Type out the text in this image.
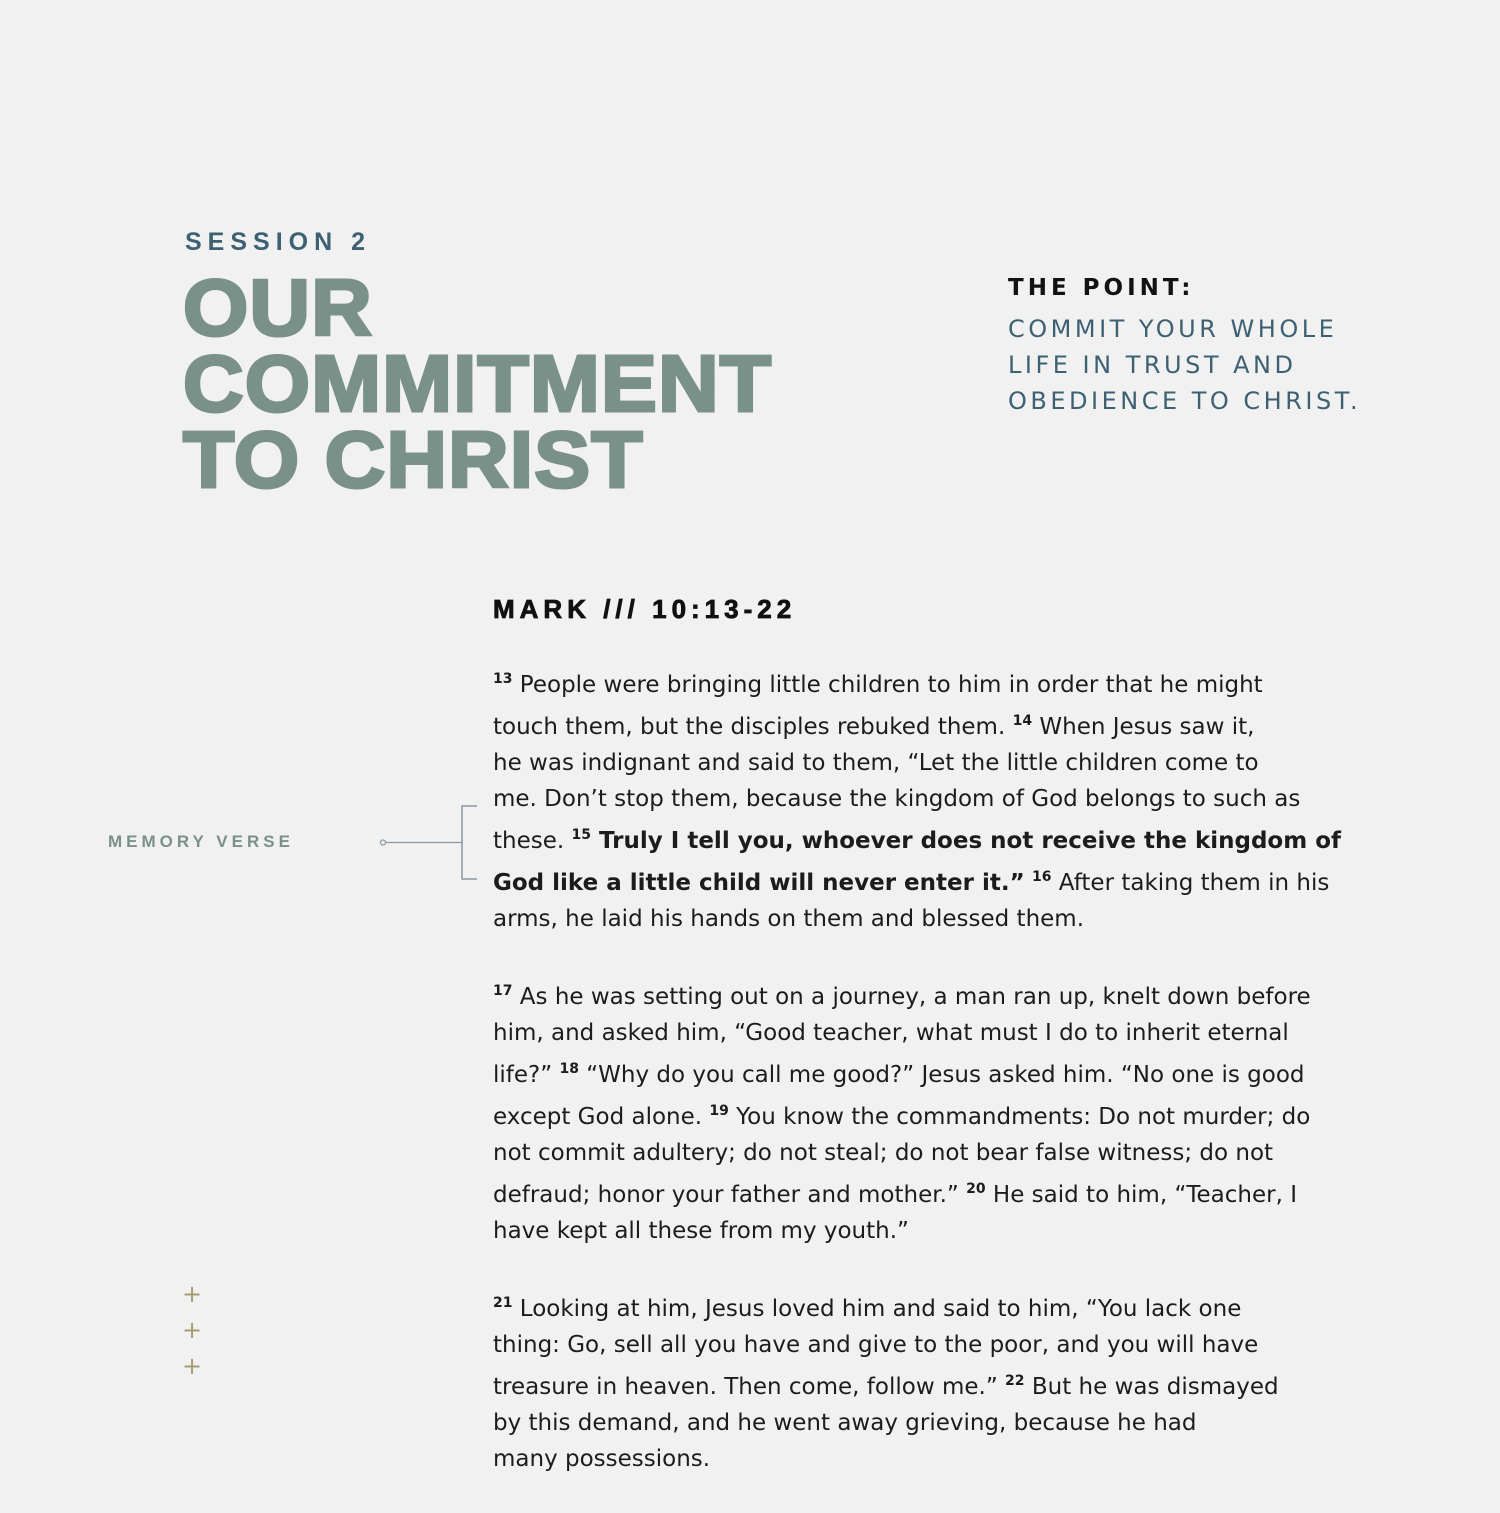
SESSION 2
OUR
COMMITMENT
TO CHRIST
THE POINT:
COMMIT YOUR WHOLE
LIFE IN TRUST AND
OBEDIENCE TO CHRIST.
MARK /// 10:13-22
MEMORY VERSE

$^{13}$ People were bringing little children to him in order that he might
touch them, but the disciples rebuked them. $^{14}$ When Jesus saw it,
he was indignant and said to them, “Let the little children come to
me. Don’t stop them, because the kingdom of God belongs to such as
these. $^{15}$ Truly I tell you, whoever does not receive the kingdom of
God like a little child will never enter it.” $^{16}$ After taking them in his
arms, he laid his hands on them and blessed them.

$^{17}$ As he was setting out on a journey, a man ran up, knelt down before
him, and asked him, “Good teacher, what must I do to inherit eternal
life?” $^{18}$ “Why do you call me good?” Jesus asked him. “No one is good
except God alone. $^{19}$ You know the commandments: Do not murder; do
not commit adultery; do not steal; do not bear false witness; do not
defraud; honor your father and mother.” $^{20}$ He said to him, “Teacher, I
have kept all these from my youth.”

$^{21}$ Looking at him, Jesus loved him and said to him, “You lack one
thing: Go, sell all you have and give to the poor, and you will have
treasure in heaven. Then come, follow me.” $^{22}$ But he was dismayed
by this demand, and he went away grieving, because he had
many possessions.

+
+
+
